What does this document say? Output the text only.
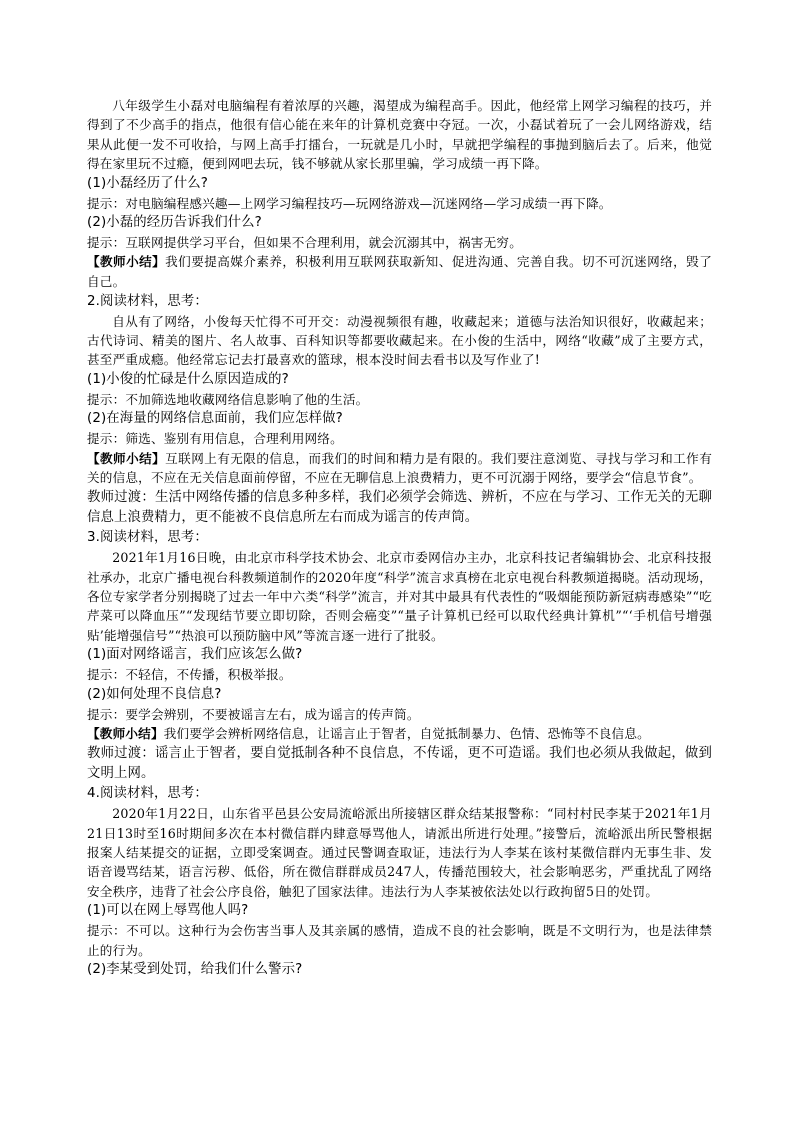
八年级学生小磊对电脑编程有着浓厚的兴趣，渴望成为编程高手。因此，他经常上网学习编程的技巧，并得到了不少高手的指点，他很有信心能在来年的计算机竞赛中夺冠。一次，小磊试着玩了一会儿网络游戏，结果从此便一发不可收拾，与网上高手打擂台，一玩就是几小时，早就把学编程的事抛到脑后去了。后来，他觉得在家里玩不过瘾，便到网吧去玩，钱不够就从家长那里骗，学习成绩一再下降。

(1)小磊经历了什么?

提示：对电脑编程感兴趣—上网学习编程技巧—玩网络游戏—沉迷网络—学习成绩一再下降。

(2)小磊的经历告诉我们什么?

提示：互联网提供学习平台，但如果不合理利用，就会沉溺其中，祸害无穷。

【教师小结】我们要提高媒介素养，积极利用互联网获取新知、促进沟通、完善自我。切不可沉迷网络，毁了自己。

2.阅读材料，思考：

自从有了网络，小俊每天忙得不可开交：动漫视频很有趣，收藏起来；道德与法治知识很好，收藏起来；古代诗词、精美的图片、名人故事、百科知识等都要收藏起来。在小俊的生活中，网络“收藏”成了主要方式，甚至严重成瘾。他经常忘记去打最喜欢的篮球，根本没时间去看书以及写作业了!

(1)小俊的忙碌是什么原因造成的?

提示：不加筛选地收藏网络信息影响了他的生活。

(2)在海量的网络信息面前，我们应怎样做?

提示：筛选、鉴别有用信息，合理利用网络。

【教师小结】互联网上有无限的信息，而我们的时间和精力是有限的。我们要注意浏览、寻找与学习和工作有关的信息，不应在无关信息面前停留，不应在无聊信息上浪费精力，更不可沉溺于网络，要学会“信息节食”。

教师过渡：生活中网络传播的信息多种多样，我们必须学会筛选、辨析，不应在与学习、工作无关的无聊信息上浪费精力，更不能被不良信息所左右而成为谣言的传声筒。

3.阅读材料，思考：

2021年1月16日晚，由北京市科学技术协会、北京市委网信办主办，北京科技记者编辑协会、北京科技报社承办，北京广播电视台科教频道制作的2020年度“科学”流言求真榜在北京电视台科教频道揭晓。活动现场，各位专家学者分别揭晓了过去一年中六类“科学”流言，并对其中最具有代表性的“吸烟能预防新冠病毒感染”“吃芹菜可以降血压”“发现结节要立即切除，否则会癌变”“量子计算机已经可以取代经典计算机”“‘手机信号增强贴’能增强信号”“热浪可以预防脑中风”等流言逐一进行了批驳。

(1)面对网络谣言，我们应该怎么做?

提示：不轻信，不传播，积极举报。

(2)如何处理不良信息?

提示：要学会辨别，不要被谣言左右，成为谣言的传声筒。

【教师小结】我们要学会辨析网络信息，让谣言止于智者，自觉抵制暴力、色情、恐怖等不良信息。

教师过渡：谣言止于智者，要自觉抵制各种不良信息，不传谣，更不可造谣。我们也必须从我做起，做到文明上网。

4.阅读材料，思考：

2020年1月22日，山东省平邑县公安局流峪派出所接辖区群众结某报警称：“同村村民李某于2021年1月21日13时至16时期间多次在本村微信群内肆意辱骂他人，请派出所进行处理。”接警后，流峪派出所民警根据报案人结某提交的证据，立即受案调查。通过民警调查取证，违法行为人李某在该村某微信群内无事生非、发语音谩骂结某，语言污秽、低俗，所在微信群群成员247人，传播范围较大，社会影响恶劣，严重扰乱了网络安全秩序，违背了社会公序良俗，触犯了国家法律。违法行为人李某被依法处以行政拘留5日的处罚。

(1)可以在网上辱骂他人吗?

提示：不可以。这种行为会伤害当事人及其亲属的感情，造成不良的社会影响，既是不文明行为，也是法律禁止的行为。

(2)李某受到处罚，给我们什么警示?
